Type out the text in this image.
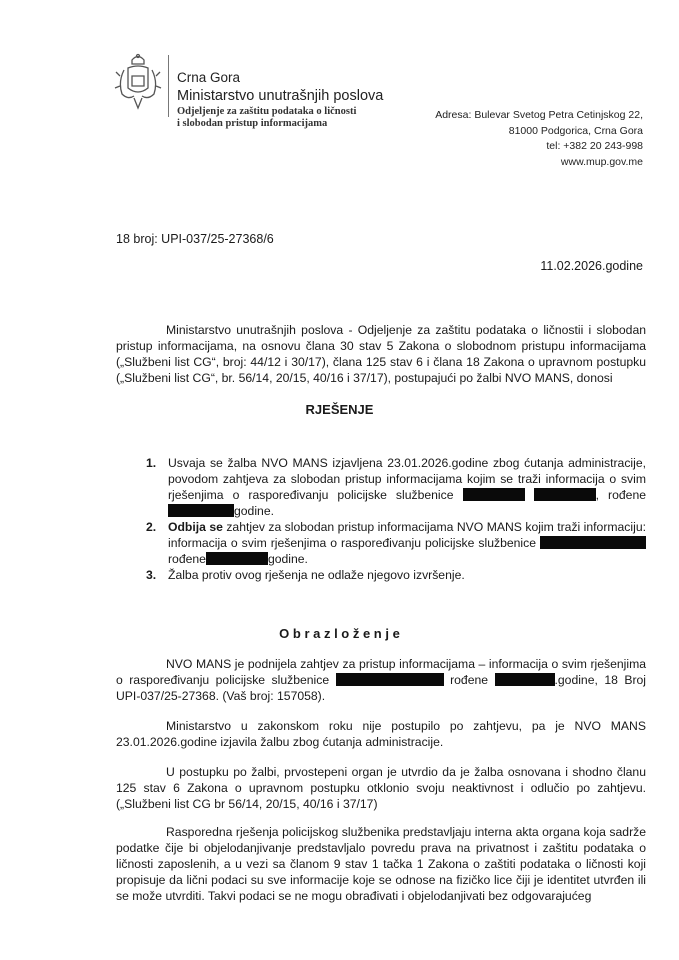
Crna Gora
Ministarstvo unutrašnjih poslova
Odjeljenje za zaštitu podataka o ličnosti
i slobodan pristup informacijama
Adresa: Bulevar Svetog Petra Cetinjskog 22,
81000 Podgorica, Crna Gora
tel: +382 20 243-998
www.mup.gov.me
18 broj: UPI-037/25-27368/6
11.02.2026.godine
Ministarstvo unutrašnjih poslova - Odjeljenje za zaštitu podataka o ličnostii i slobodan pristup informacijama, na osnovu člana 30 stav 5 Zakona o slobodnom pristupu informacijama („Službeni list CG“, broj: 44/12 i 30/17), člana 125 stav 6 i člana 18 Zakona o upravnom postupku („Službeni list CG“, br. 56/14, 20/15, 40/16 i 37/17), postupajući po žalbi NVO MANS, donosi
RJEŠENJE
1. Usvaja se žalba NVO MANS izjavljena 23.01.2026.godine zbog ćutanja administracije, povodom zahtjeva za slobodan pristup informacijama kojim se traži informacija o svim rješenjima o raspoređivanju policijske službenice	, rođene godine.
2. Odbija se zahtjev za slobodan pristup informacijama NVO MANS kojim traži informaciju: informacija o svim rješenjima o raspoređivanju policijske službenice  rođene	godine.
3. Žalba protiv ovog rješenja ne odlaže njegovo izvršenje.
O b r a z l o ž e n j e
NVO MANS je podnijela zahtjev za pristup informacijama – informacija o svim rješenjima o raspoređivanju policijske službenice	rođene	.godine, 18 Broj UPI-037/25-27368. (Vaš broj: 157058).
Ministarstvo u zakonskom roku nije postupilo po zahtjevu, pa je NVO MANS 23.01.2026.godine izjavila žalbu zbog ćutanja administracije.
U postupku po žalbi, prvostepeni organ je utvrdio da je žalba osnovana i shodno članu 125 stav 6 Zakona o upravnom postupku otklonio svoju neaktivnost i odlučio po zahtjevu. („Službeni list CG br 56/14, 20/15, 40/16 i 37/17)
Rasporedna rješenja policijskog službenika predstavljaju interna akta organa koja sadrže podatke čije bi objelodanjivanje predstavljalo povredu prava na privatnost i zaštitu podataka o ličnosti zaposlenih, a u vezi sa članom 9 stav 1 tačka 1 Zakona o zaštiti podataka o ličnosti koji propisuje da lični podaci su sve informacije koje se odnose na fizičko lice čiji je identitet utvrđen ili se može utvrditi. Takvi podaci se ne mogu obrađivati i objelodanjivati bez odgovarajućeg
